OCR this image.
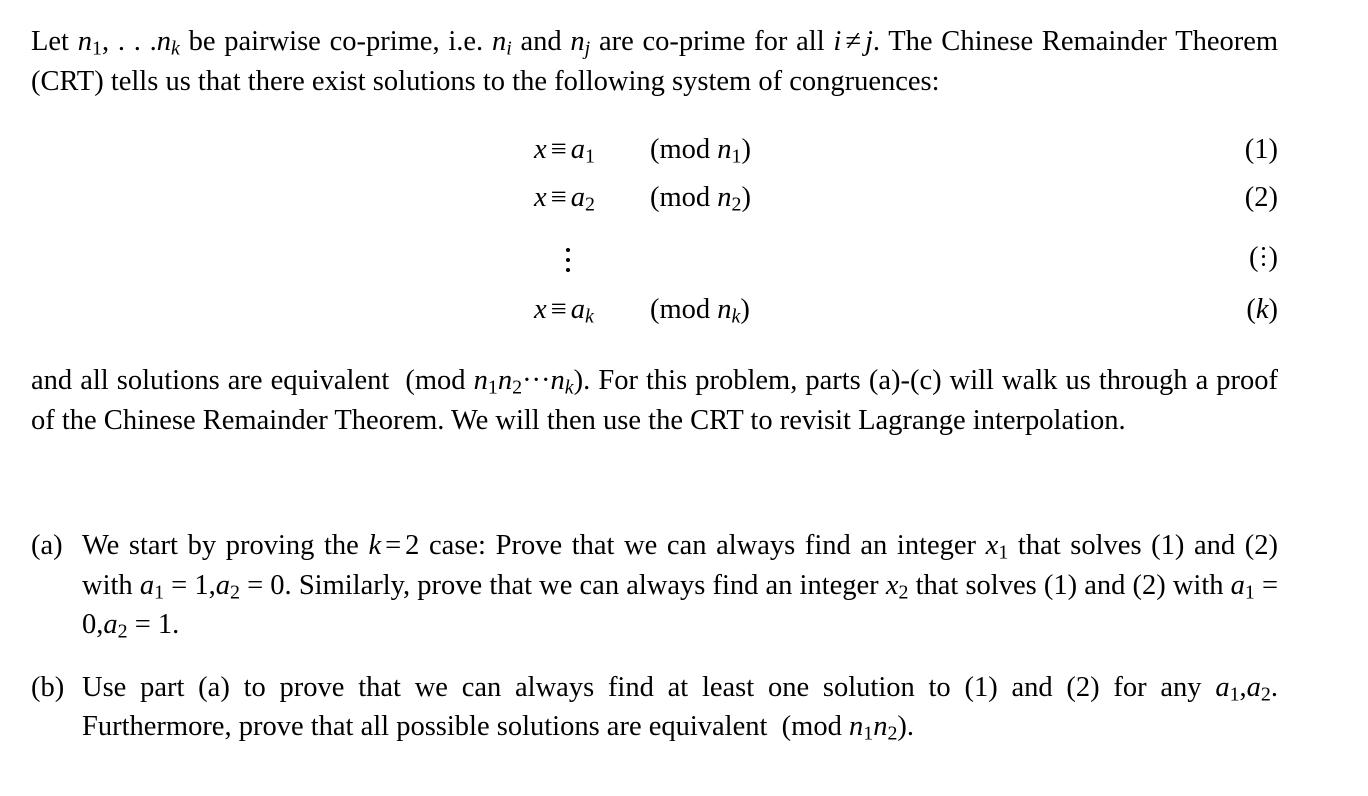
Let $n_1$, . . $.n_k$ be pairwise co-prime, i.e. $n_i$ and $n_j$ are co-prime for all i ≠ j. The Chinese Remainder Theorem (CRT) tells us that there exist solutions to the following system of congruences:

$x \equiv a_1$ (mod $n_1$)	(1)
$x \equiv a_2$ (mod $n_2$)	(2)
( )
$x \equiv a_k$ (mod $n_k$)	(k)

and all solutions are equivalent (mod $n_1n_2\cdot\cdot\cdot n_k$). For this problem, parts (a)-(c) will walk us through a proof of the Chinese Remainder Theorem. We will then use the CRT to revisit Lagrange interpolation.

(a) We start by proving the k = 2 case: Prove that we can always find an integer $x_1$ that solves (1) and (2) with $a_1 = 1,a_2 = 0$. Similarly, prove that we can always find an integer $x_2$ that solves (1) and (2) with $a_1 = 0,a_2 = 1$.
(b) Use part (a) to prove that we can always find at least one solution to (1) and (2) for any $a_1,a_2$. Furthermore, prove that all possible solutions are equivalent (mod $n_1n_2$).
